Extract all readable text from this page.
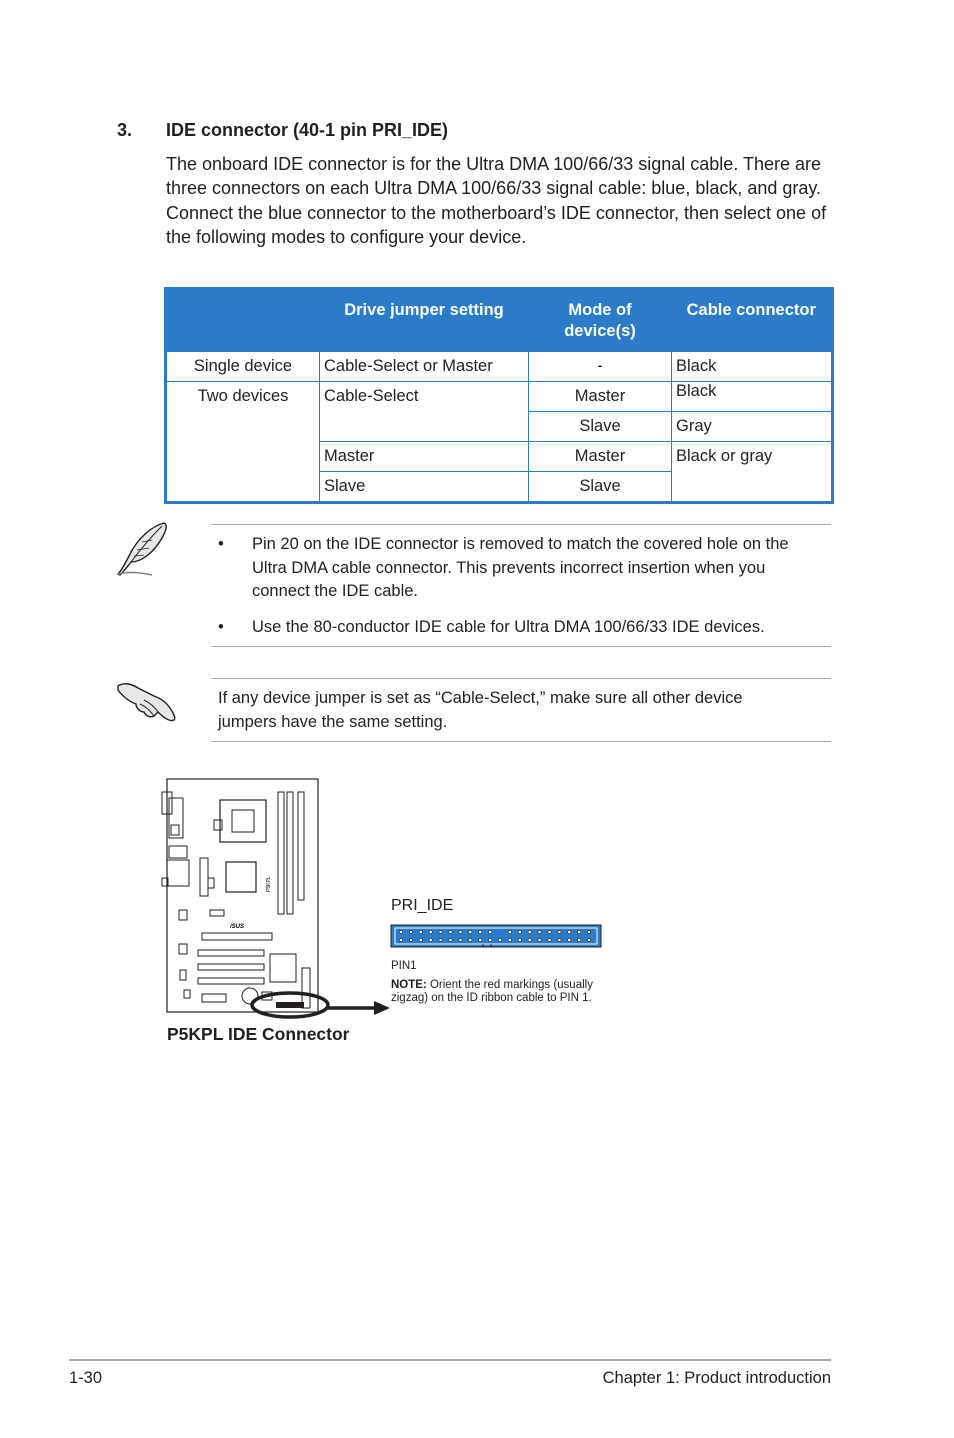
3. IDE connector (40-1 pin PRI_IDE)
The onboard IDE connector is for the Ultra DMA 100/66/33 signal cable. There are three connectors on each Ultra DMA 100/66/33 signal cable: blue, black, and gray. Connect the blue connector to the motherboard’s IDE connector, then select one of the following modes to configure your device.
	Drive jumper setting	Mode of device(s)	Cable connector
Single device	Cable-Select or Master	-	Black
Two devices	Cable-Select	Master	Black
		Slave	Gray
	Master	Master	Black or gray
	Slave	Slave	
• Pin 20 on the IDE connector is removed to match the covered hole on the Ultra DMA cable connector. This prevents incorrect insertion when you connect the IDE cable.
• Use the 80-conductor IDE cable for Ultra DMA 100/66/33 IDE devices.
If any device jumper is set as “Cable-Select,” make sure all other device jumpers have the same setting.
P5KPL
/SUS
PRI_IDE
PIN1
NOTE: Orient the red markings (usually zigzag) on the ID ribbon cable to PIN 1.
P5KPL IDE Connector
1-30	Chapter 1: Product introduction
